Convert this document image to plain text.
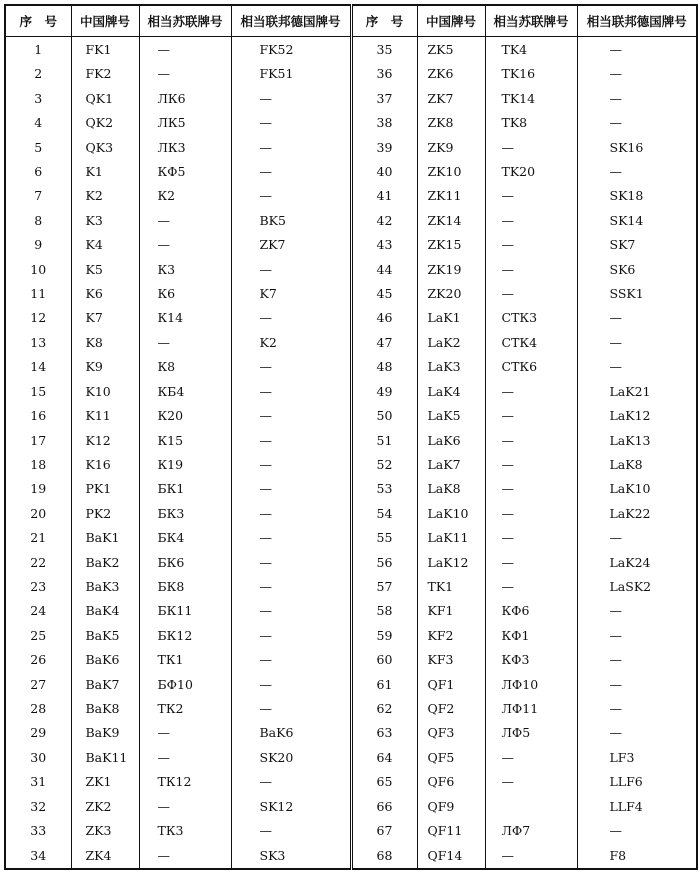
序　号	中国牌号	相当苏联牌号	相当联邦德国牌号	序　号	中国牌号	相当苏联牌号	相当联邦德国牌号
1	FK1	—	FK52	35	ZK5	TK4	—
2	FK2	—	FK51	36	ZK6	TK16	—
3	QK1	ЛК6	—	37	ZK7	TK14	—
4	QK2	ЛК5	—	38	ZK8	TK8	—
5	QK3	ЛК3	—	39	ZK9	—	SK16
6	K1	КФ5	—	40	ZK10	TK20	—
7	K2	К2	—	41	ZK11	—	SK18
8	K3	—	BK5	42	ZK14	—	SK14
9	K4	—	ZK7	43	ZK15	—	SK7
10	K5	К3	—	44	ZK19	—	SK6
11	K6	К6	K7	45	ZK20	—	SSK1
12	K7	К14	—	46	LaK1	СТК3	—
13	K8	—	K2	47	LaK2	СТК4	—
14	K9	К8	—	48	LaK3	СТК6	—
15	K10	КБ4	—	49	LaK4	—	LaK21
16	K11	К20	—	50	LaK5	—	LaK12
17	K12	К15	—	51	LaK6	—	LaK13
18	K16	К19	—	52	LaK7	—	LaK8
19	PK1	БК1	—	53	LaK8	—	LaK10
20	PK2	БК3	—	54	LaK10	—	LaK22
21	BaK1	БК4	—	55	LaK11	—	—
22	BaK2	БК6	—	56	LaK12	—	LaK24
23	BaK3	БК8	—	57	TK1	—	LaSK2
24	BaK4	БК11	—	58	KF1	КФ6	—
25	BaK5	БК12	—	59	KF2	КФ1	—
26	BaK6	ТК1	—	60	KF3	КФ3	—
27	BaK7	БФ10	—	61	QF1	ЛФ10	—
28	BaK8	ТК2	—	62	QF2	ЛФ11	—
29	BaK9	—	BaK6	63	QF3	ЛФ5	—
30	BaK11	—	SK20	64	QF5	—	LF3
31	ZK1	ТК12	—	65	QF6	—	LLF6
32	ZK2	—	SK12	66	QF9		LLF4
33	ZK3	ТК3	—	67	QF11	ЛФ7	—
34	ZK4	—	SK3	68	QF14	—	F8
